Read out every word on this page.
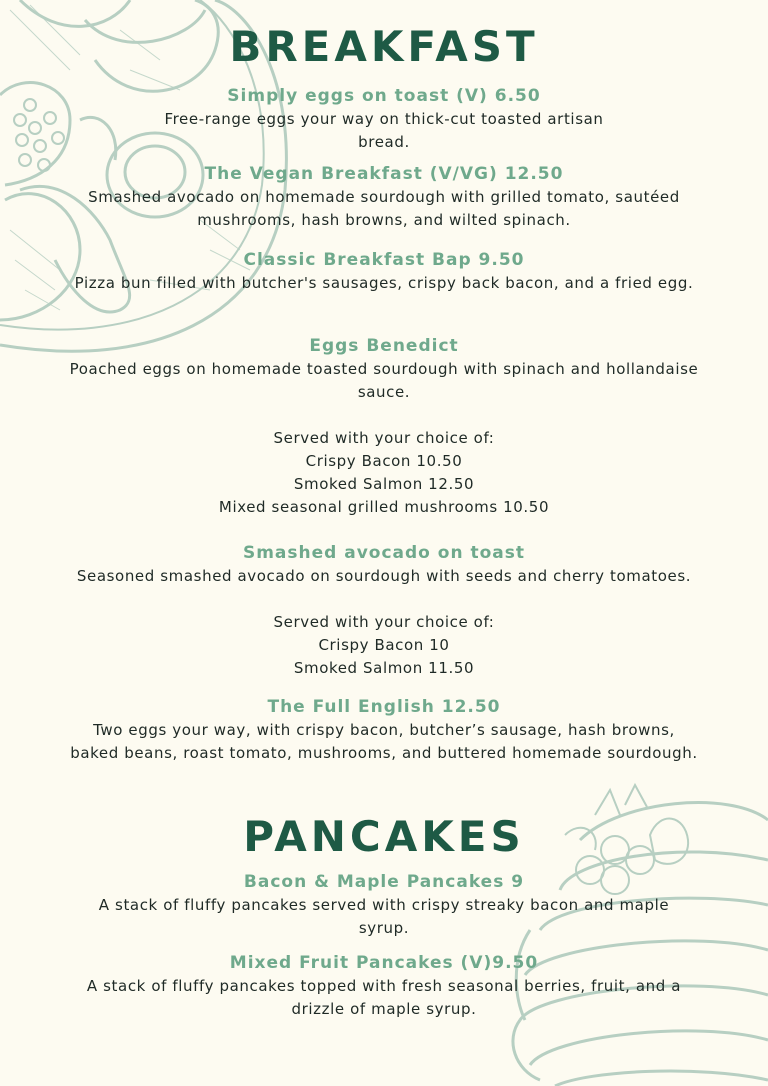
BREAKFAST

Simply eggs on toast (V) 6.50

Free-range eggs your way on thick-cut toasted artisan bread.

The Vegan Breakfast (V/VG) 12.50

Smashed avocado on homemade sourdough with grilled tomato, sautéed mushrooms, hash browns, and wilted spinach.

Classic Breakfast Bap 9.50

Pizza bun filled with butcher's sausages, crispy back bacon, and a fried egg.

Eggs Benedict

Poached eggs on homemade toasted sourdough with spinach and hollandaise sauce.

Served with your choice of:
Crispy Bacon 10.50
Smoked Salmon 12.50
Mixed seasonal grilled mushrooms 10.50

Smashed avocado on toast

Seasoned smashed avocado on sourdough with seeds and cherry tomatoes.

Served with your choice of:
Crispy Bacon 10
Smoked Salmon 11.50

The Full English 12.50

Two eggs your way, with crispy bacon, butcher’s sausage, hash browns, baked beans, roast tomato, mushrooms, and buttered homemade sourdough.

PANCAKES

Bacon & Maple Pancakes 9

A stack of fluffy pancakes served with crispy streaky bacon and maple syrup.

Mixed Fruit Pancakes (V)9.50

A stack of fluffy pancakes topped with fresh seasonal berries, fruit, and a drizzle of maple syrup.
